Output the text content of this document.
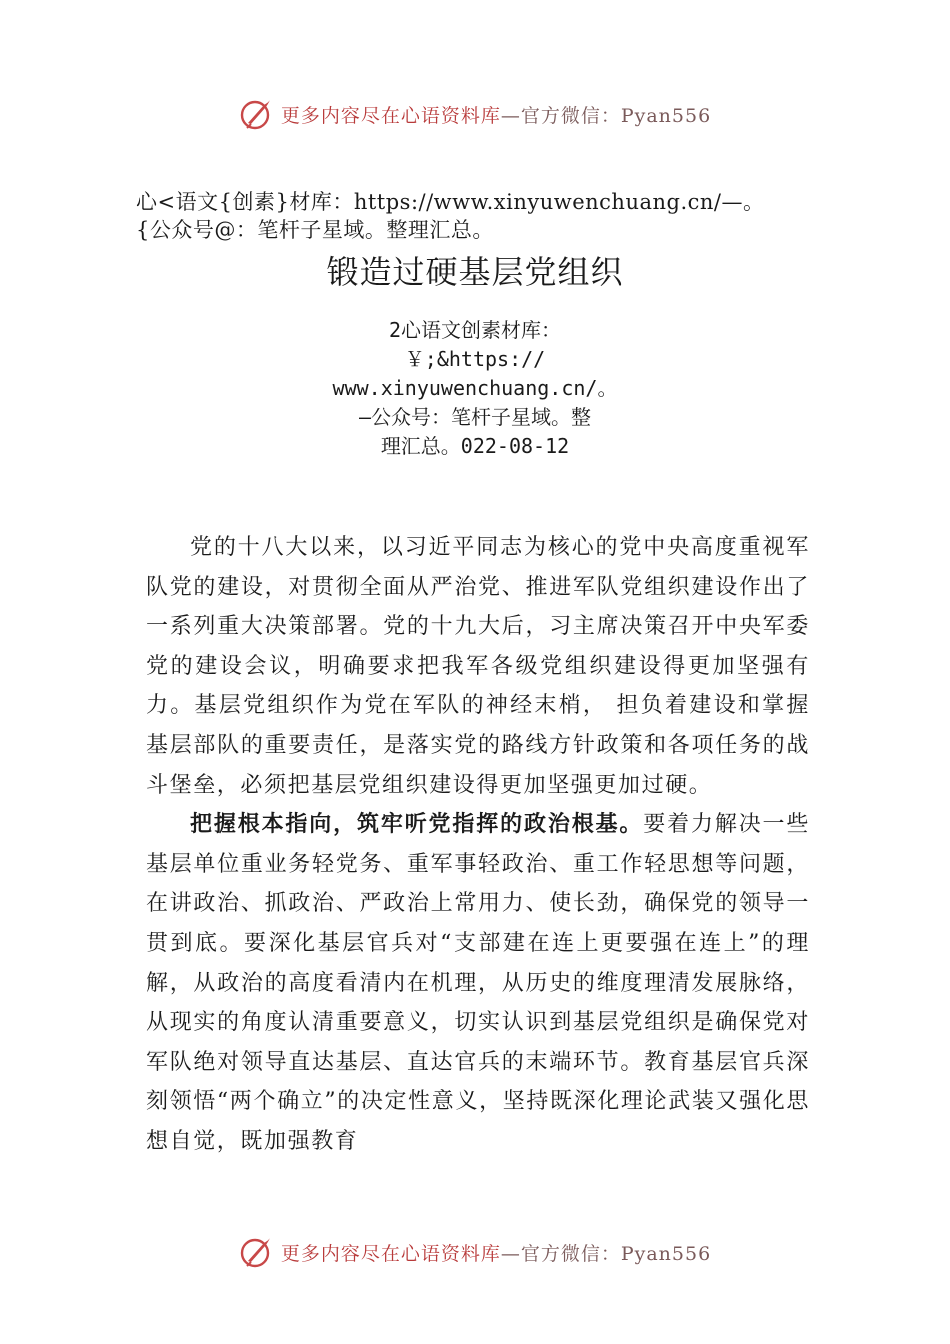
更多内容尽在心语资料库—官方微信：Pyan556
心<语文{创素}材库：https://www.xinyuwenchuang.cn/—。
{公众号@：笔杆子星域。整理汇总。
锻造过硬基层党组织
2心语文创素材库：
￥;&https://
www.xinyuwenchuang.cn/。
—公众号：笔杆子星域。整
理汇总。022-08-12

党的十八大以来，以习近平同志为核心的党中央高度重视军队党的建设，对贯彻全面从严治党、推进军队党组织建设作出了一系列重大决策部署。党的十九大后，习主席决策召开中央军委党的建设会议，明确要求把我军各级党组织建设得更加坚强有力。基层党组织作为党在军队的神经末梢， 担负着建设和掌握基层部队的重要责任，是落实党的路线方针政策和各项任务的战斗堡垒，必须把基层党组织建设得更加坚强更加过硬。

把握根本指向，筑牢听党指挥的政治根基。要着力解决一些基层单位重业务轻党务、重军事轻政治、重工作轻思想等问题，在讲政治、抓政治、严政治上常用力、使长劲，确保党的领导一贯到底。要深化基层官兵对“支部建在连上更要强在连上”的理解，从政治的高度看清内在机理，从历史的维度理清发展脉络，从现实的角度认清重要意义，切实认识到基层党组织是确保党对军队绝对领导直达基层、直达官兵的末端环节。教育基层官兵深刻领悟“两个确立”的决定性意义，坚持既深化理论武装又强化思想自觉，既加强教育

更多内容尽在心语资料库—官方微信：Pyan556
